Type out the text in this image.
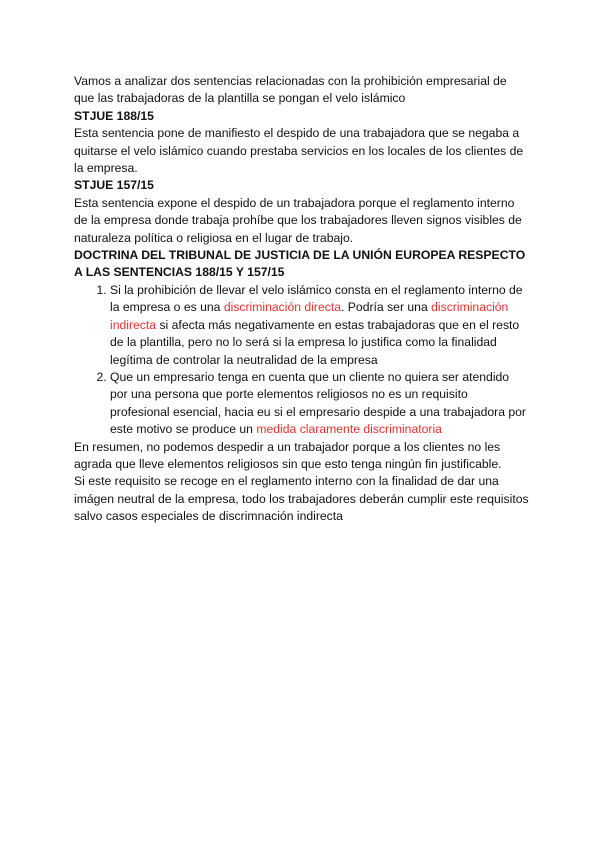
Vamos a analizar dos sentencias relacionadas con la prohibición empresarial de que las trabajadoras de la plantilla se pongan el velo islámico

STJUE 188/15

Esta sentencia pone de manifiesto el despido de una trabajadora que se negaba a quitarse el velo islámico cuando prestaba servicios en los locales de los clientes de la empresa.

STJUE 157/15

Esta sentencia expone el despido de un trabajadora porque el reglamento interno de la empresa donde trabaja prohíbe que los trabajadores lleven signos visibles de naturaleza política o religiosa en el lugar de trabajo.

DOCTRINA DEL TRIBUNAL DE JUSTICIA DE LA UNIÓN EUROPEA RESPECTO A LAS SENTENCIAS 188/15 Y 157/15

1. Si la prohibición de llevar el velo islámico consta en el reglamento interno de la empresa o es una discriminación directa. Podría ser una discriminación indirecta si afecta más negativamente en estas trabajadoras que en el resto de la plantilla, pero no lo será si la empresa lo justifica como la finalidad legítima de controlar la neutralidad de la empresa
2. Que un empresario tenga en cuenta que un cliente no quiera ser atendido por una persona que porte elementos religiosos no es un requisito profesional esencial, hacia eu si el empresario despide a una trabajadora por este motivo se produce un medida claramente discriminatoria

En resumen, no podemos despedir a un trabajador porque a los clientes no les agrada que lleve elementos religiosos sin que esto tenga ningún fin justificable.

Si este requisito se recoge en el reglamento interno con la finalidad de dar una imágen neutral de la empresa, todo los trabajadores deberán cumplir este requisitos salvo casos especiales de discrimnación indirecta
